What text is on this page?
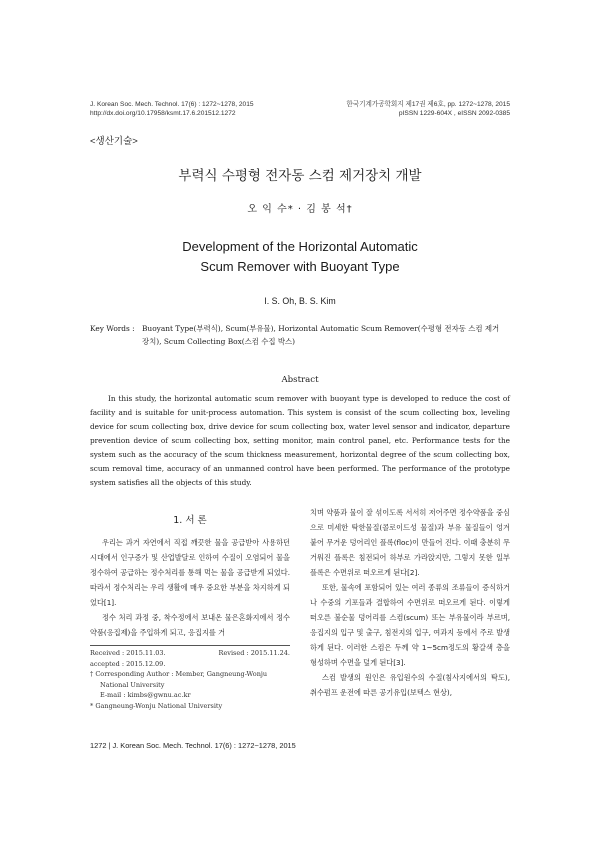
J. Korean Soc. Mech. Technol. 17(6) : 1272~1278, 2015
http://dx.doi.org/10.17958/ksmt.17.6.201512.1272
한국기계가공학회지 제17권 제6호, pp. 1272~1278, 2015
pISSN 1229-604X , eISSN 2092-0385
<생산기술>
부력식 수평형 전자동 스컴 제거장치 개발
오 익 수* · 김 봉 석†
Development of the Horizontal Automatic
Scum Remover with Buoyant Type
I. S. Oh, B. S. Kim
Key Words : Buoyant Type(부력식), Scum(부유물), Horizontal Automatic Scum Remover(수평형 전자동 스컴 제거
장치), Scum Collecting Box(스컴 수집 박스)
Abstract
In this study, the horizontal automatic scum remover with buoyant type is developed to reduce the cost of facility and is suitable for unit-process automation. This system is consist of the scum collecting box, leveling device for scum collecting box, drive device for scum collecting box, water level sensor and indicator, departure prevention device of scum collecting box, setting monitor, main control panel, etc. Performance tests for the system such as the accuracy of the scum thickness measurement, horizontal degree of the scum collecting box, scum removal time, accuracy of an unmanned control have been performed. The performance of the prototype system satisfies all the objects of this study.
1. 서 론

우리는 과거 자연에서 직접 깨끗한 물을 공급받아 사용하던 시대에서 인구증가 및 산업발달로 인하여 수질이 오염되어 물을 정수하여 공급하는 정수처리를 통해 먹는 물을 공급받게 되었다. 따라서 정수처리는 우리 생활에 매우 중요한 부분을 차지하게 되었다[1].

정수 처리 과정 중, 착수정에서 보내온 물은혼화지에서 정수약품(응집제)을 주입하게 되고, 응집지를 거

Received : 2015.11.03.	Revised : 2015.11.24.
accepted : 2015.12.09.
† Corresponding Author : Member, Gangneung-Wonju
National University
E-mail : kimbs@gwnu.ac.kr
* Gangneung-Wonju National University

치며 약품과 물이 잘 섞이도록 서서히 저어주면 정수약품을 중심으로 미세한 탁한물질(콜로이드성 물질)과 부유 물질들이 엉겨 붙어 무거운 덩어리인 플록(floc)이 만들어 진다. 이때 충분히 무거워진 플록은 침전되어 하부로 가라앉지만, 그렇지 못한 일부 플록은 수면위로 떠오르게 된다[2].

또한, 물속에 포함되어 있는 여러 종류의 조류들이 증식하거나 수중의 기포들과 결합하여 수면위로 떠오르게 된다. 이렇게 떠오른 불순물 덩어리를 스컴(scum) 또는 부유물이라 부르며, 응집지의 입구 및 출구, 침전지의 입구, 여과지 등에서 주로 발생하게 된다. 이러한 스컴은 두께 약 1~5cm정도의 황갈색 층을 형성하며 수면을 덮게 된다[3].

스컴 발생의 원인은 유입원수의 수질(침사지에서의 탁도), 취수펌프 운전에 따른 공기유입(보텍스 현상),

1272 | J. Korean Soc. Mech. Technol. 17(6) : 1272~1278, 2015
